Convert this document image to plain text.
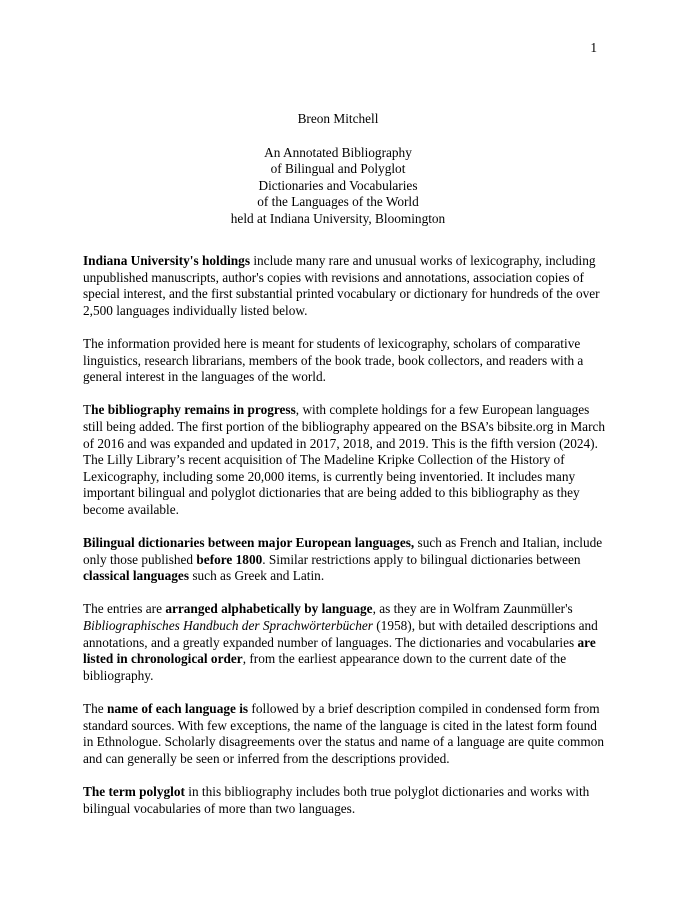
1
Breon Mitchell
An Annotated Bibliography
of Bilingual and Polyglot
Dictionaries and Vocabularies
of the Languages of the World
held at Indiana University, Bloomington

Indiana University's holdings include many rare and unusual works of lexicography, including unpublished manuscripts, author's copies with revisions and annotations, association copies of special interest, and the first substantial printed vocabulary or dictionary for hundreds of the over 2,500 languages individually listed below.

The information provided here is meant for students of lexicography, scholars of comparative linguistics, research librarians, members of the book trade, book collectors, and readers with a general interest in the languages of the world.

The bibliography remains in progress, with complete holdings for a few European languages still being added. The first portion of the bibliography appeared on the BSA’s bibsite.org in March of 2016 and was expanded and updated in 2017, 2018, and 2019. This is the fifth version (2024). The Lilly Library’s recent acquisition of The Madeline Kripke Collection of the History of Lexicography, including some 20,000 items, is currently being inventoried. It includes many important bilingual and polyglot dictionaries that are being added to this bibliography as they become available.

Bilingual dictionaries between major European languages, such as French and Italian, include only those published before 1800. Similar restrictions apply to bilingual dictionaries between classical languages such as Greek and Latin.

The entries are arranged alphabetically by language, as they are in Wolfram Zaunmüller's Bibliographisches Handbuch der Sprachwörterbücher (1958), but with detailed descriptions and annotations, and a greatly expanded number of languages. The dictionaries and vocabularies are listed in chronological order, from the earliest appearance down to the current date of the bibliography.

The name of each language is followed by a brief description compiled in condensed form from standard sources. With few exceptions, the name of the language is cited in the latest form found in Ethnologue. Scholarly disagreements over the status and name of a language are quite common and can generally be seen or inferred from the descriptions provided.

The term polyglot in this bibliography includes both true polyglot dictionaries and works with bilingual vocabularies of more than two languages.
